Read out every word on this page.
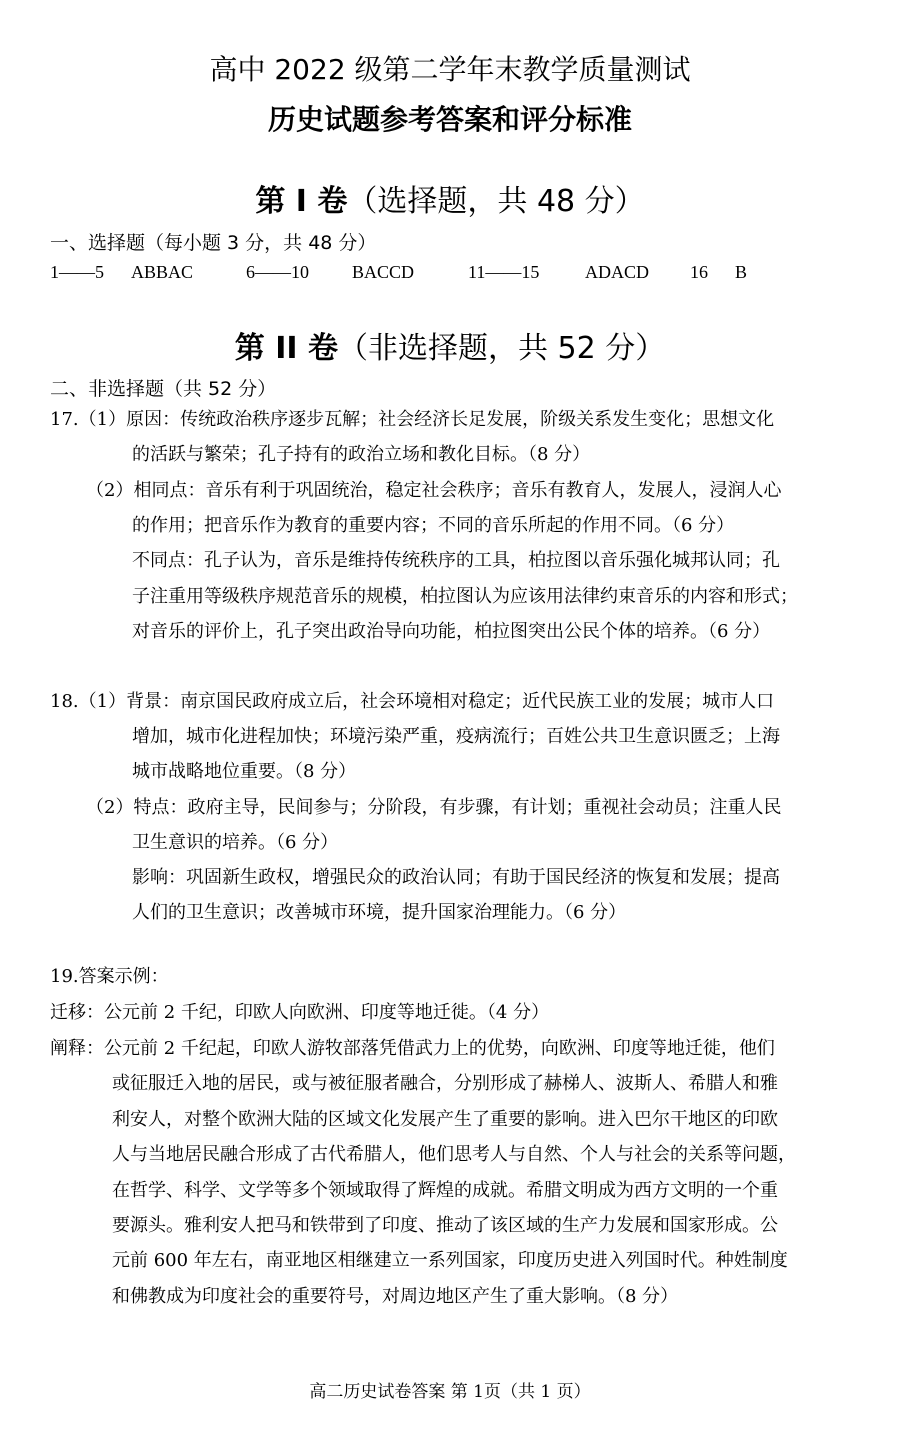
高中 2022 级第二学年末教学质量测试
历史试题参考答案和评分标准
第 I 卷（选择题，共 48 分）
一、选择题（每小题 3 分，共 48 分）
1——5 ABBAC	6——10 BACCD	11——15	ADACD 16 B
第 II 卷（非选择题，共 52 分）
二、非选择题（共 52 分）
17.（1）原因：传统政治秩序逐步瓦解；社会经济长足发展，阶级关系发生变化；思想文化
的活跃与繁荣；孔子持有的政治立场和教化目标。（8 分）
（2）相同点：音乐有利于巩固统治，稳定社会秩序；音乐有教育人，发展人，浸润人心
的作用；把音乐作为教育的重要内容；不同的音乐所起的作用不同。（6 分）
不同点：孔子认为，音乐是维持传统秩序的工具，柏拉图以音乐强化城邦认同；孔
子注重用等级秩序规范音乐的规模，柏拉图认为应该用法律约束音乐的内容和形式；
对音乐的评价上，孔子突出政治导向功能，柏拉图突出公民个体的培养。（6 分）
18.（1）背景：南京国民政府成立后，社会环境相对稳定；近代民族工业的发展；城市人口
增加，城市化进程加快；环境污染严重，疫病流行；百姓公共卫生意识匮乏；上海
城市战略地位重要。（8 分）
（2）特点：政府主导，民间参与；分阶段，有步骤，有计划；重视社会动员；注重人民
卫生意识的培养。（6 分）
影响：巩固新生政权，增强民众的政治认同；有助于国民经济的恢复和发展；提高
人们的卫生意识；改善城市环境，提升国家治理能力。（6 分）
19.答案示例：
迁移：公元前 2 千纪，印欧人向欧洲、印度等地迁徙。（4 分）
阐释：公元前 2 千纪起，印欧人游牧部落凭借武力上的优势，向欧洲、印度等地迁徙，他们
或征服迁入地的居民，或与被征服者融合，分别形成了赫梯人、波斯人、希腊人和雅
利安人，对整个欧洲大陆的区域文化发展产生了重要的影响。进入巴尔干地区的印欧
人与当地居民融合形成了古代希腊人，他们思考人与自然、个人与社会的关系等问题，
在哲学、科学、文学等多个领域取得了辉煌的成就。希腊文明成为西方文明的一个重
要源头。雅利安人把马和铁带到了印度、推动了该区域的生产力发展和国家形成。公
元前 600 年左右，南亚地区相继建立一系列国家，印度历史进入列国时代。种姓制度
和佛教成为印度社会的重要符号，对周边地区产生了重大影响。（8 分）
高二历史试卷答案 第 1页（共 1 页）
